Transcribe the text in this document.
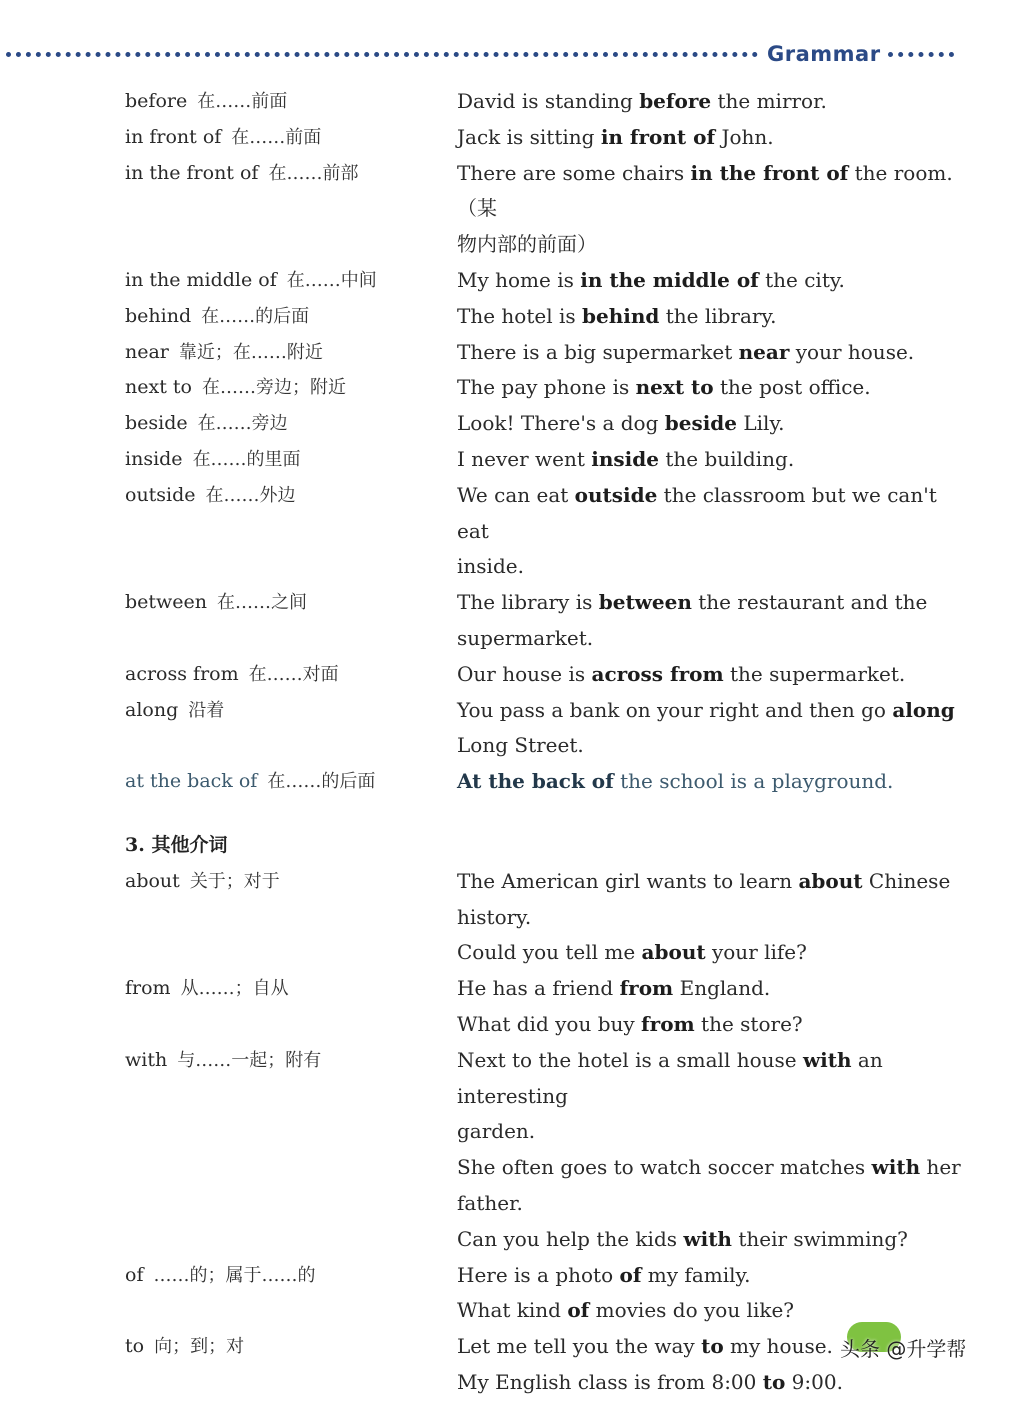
Grammar
before 在……前面	David is standing before the mirror.
in front of 在……前面	Jack is sitting in front of John.
in the front of 在……前部	There are some chairs in the front of the room.（某
物内部的前面）
in the middle of 在……中间	My home is in the middle of the city.
behind 在……的后面	The hotel is behind the library.
near 靠近；在……附近	There is a big supermarket near your house.
next to 在……旁边；附近	The pay phone is next to the post office.
beside 在……旁边	Look! There's a dog beside Lily.
inside 在……的里面	I never went inside the building.
outside 在……外边	We can eat outside the classroom but we can't eat
inside.
between 在……之间	The library is between the restaurant and the
supermarket.
across from 在……对面	Our house is across from the supermarket.
along 沿着	You pass a bank on your right and then go along
Long Street.
at the back of 在……的后面	At the back of the school is a playground.
3. 其他介词
about 关于；对于	The American girl wants to learn about Chinese
history.
Could you tell me about your life?
from 从……；自从	He has a friend from England.
What did you buy from the store?
with 与……一起；附有	Next to the hotel is a small house with an interesting
garden.
She often goes to watch soccer matches with her
father.
Can you help the kids with their swimming?
of ……的；属于……的	Here is a photo of my family.
What kind of movies do you like?
to 向；到；对	Let me tell you the way to my house.
My English class is from 8:00 to 9:00.
头条 @升学帮
